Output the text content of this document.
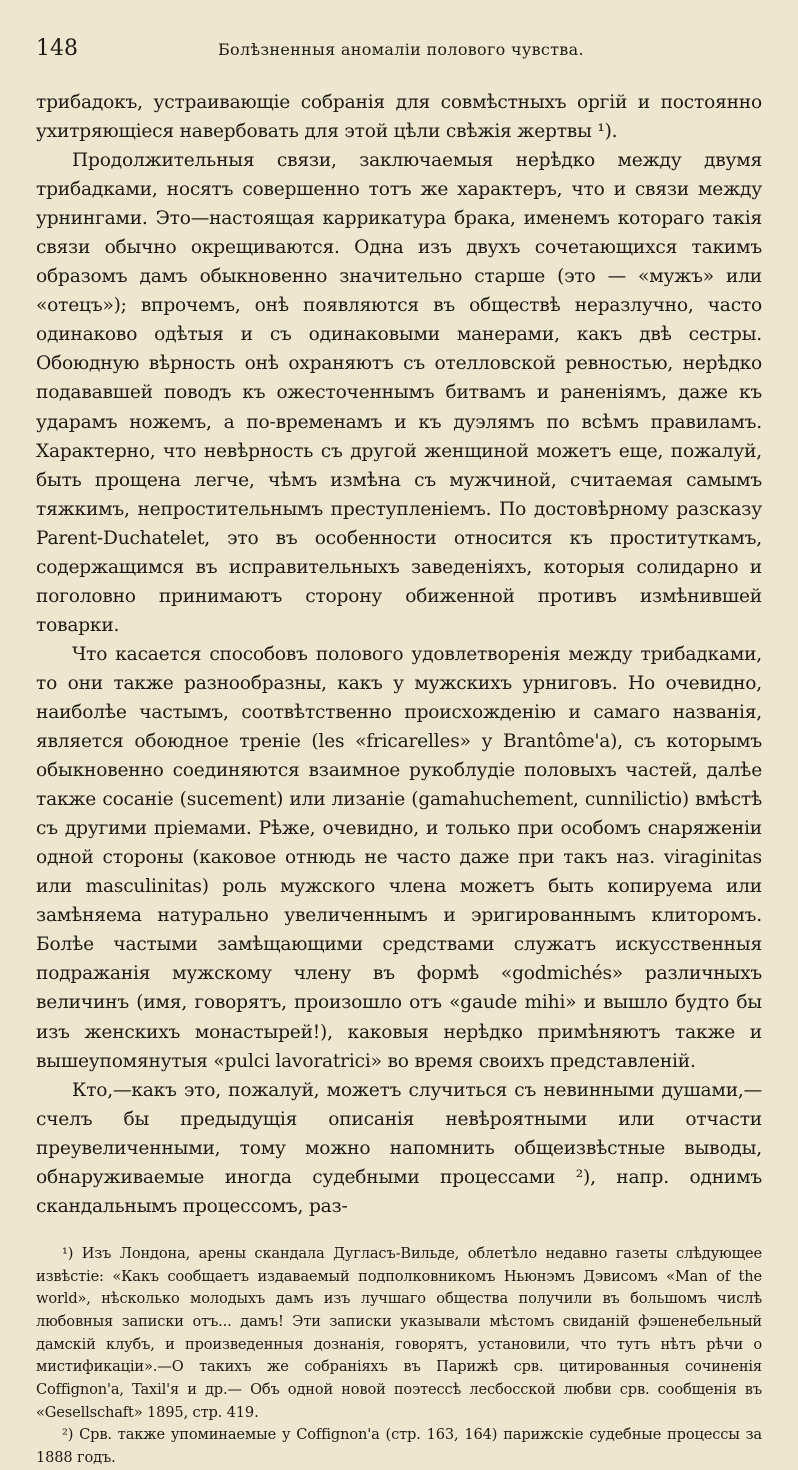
148	Болѣзненныя аномаліи полового чувства.

трибадокъ, устраивающіе собранія для совмѣстныхъ оргій и постоянно ухитряющіеся навербовать для этой цѣли свѣжія жертвы ¹).

Продолжительныя связи, заключаемыя нерѣдко между двумя трибадками, носятъ совершенно тотъ же характеръ, что и связи между урнингами. Это—настоящая каррикатура брака, именемъ котораго такія связи обычно окрещиваются. Одна изъ двухъ сочетающихся такимъ образомъ дамъ обыкновенно значительно старше (это — «мужъ» или «отецъ»); впрочемъ, онѣ появляются въ обществѣ неразлучно, часто одинаково одѣтыя и съ одинаковыми манерами, какъ двѣ сестры. Обоюдную вѣрность онѣ охраняютъ съ отелловской ревностью, нерѣдко подававшей поводъ къ ожесточеннымъ битвамъ и раненіямъ, даже къ ударамъ ножемъ, а по-временамъ и къ дуэлямъ по всѣмъ правиламъ. Характерно, что невѣрность съ другой женщиной можетъ еще, пожалуй, быть прощена легче, чѣмъ измѣна съ мужчиной, считаемая самымъ тяжкимъ, непростительнымъ преступленіемъ. По достовѣрному разсказу Parent-Duchatelet, это въ особенности относится къ проституткамъ, содержащимся въ исправительныхъ заведеніяхъ, которыя солидарно и поголовно принимаютъ сторону обиженной противъ измѣнившей товарки.

Что касается способовъ полового удовлетворенія между трибадками, то они также разнообразны, какъ у мужскихъ урниговъ. Но очевидно, наиболѣе частымъ, соотвѣтственно происхожденію и самаго названія, является обоюдное треніе (les «fricarelles» у Brantôme'а), съ которымъ обыкновенно соединяются взаимное рукоблудіе половыхъ частей, далѣе также сосаніе (sucement) или лизаніе (gamahuchement, cunnilictio) вмѣстѣ съ другими пріемами. Рѣже, очевидно, и только при особомъ снаряженіи одной стороны (каковое отнюдь не часто даже при такъ наз. viraginitas или masculinitas) роль мужского члена можетъ быть копируема или замѣняема натурально увеличеннымъ и эригированнымъ клиторомъ. Болѣе частыми замѣщающими средствами служатъ искусственныя подражанія мужскому члену въ формѣ «godmichés» различныхъ величинъ (имя, говорятъ, произошло отъ «gaude mihi» и вышло будто бы изъ женскихъ монастырей!), каковыя нерѣдко примѣняютъ также и вышеупомянутыя «pulci lavoratrici» во время своихъ представленій.

Кто,—какъ это, пожалуй, можетъ случиться съ невинными душами,—счелъ бы предыдущія описанія невѣроятными или отчасти преувеличенными, тому можно напомнить общеизвѣстные выводы, обнаруживаемые иногда судебными процессами ²), напр. однимъ скандальнымъ процессомъ, раз-

¹) Изъ Лондона, арены скандала Дугласъ-Вильде, облетѣло недавно газеты слѣдующее извѣстіе: «Какъ сообщаетъ издаваемый подполковникомъ Ньюнэмъ Дэвисомъ «Man of the world», нѣсколько молодыхъ дамъ изъ лучшаго общества получили въ большомъ числѣ любовныя записки отъ... дамъ! Эти записки указывали мѣстомъ свиданій фэшенебельный дамскій клубъ, и произведенныя дознанія, говорятъ, установили, что тутъ нѣтъ рѣчи о мистификаціи».—О такихъ же собраніяхъ въ Парижѣ срв. цитированныя сочиненія Coffignon'а, Taxil'я и др.— Объ одной новой поэтессѣ лесбосской любви срв. сообщенія въ «Gesellschaft» 1895, стр. 419.

²) Срв. также упоминаемые у Coffignon'а (стр. 163, 164) парижскіе судебные процессы за 1888 годъ.
